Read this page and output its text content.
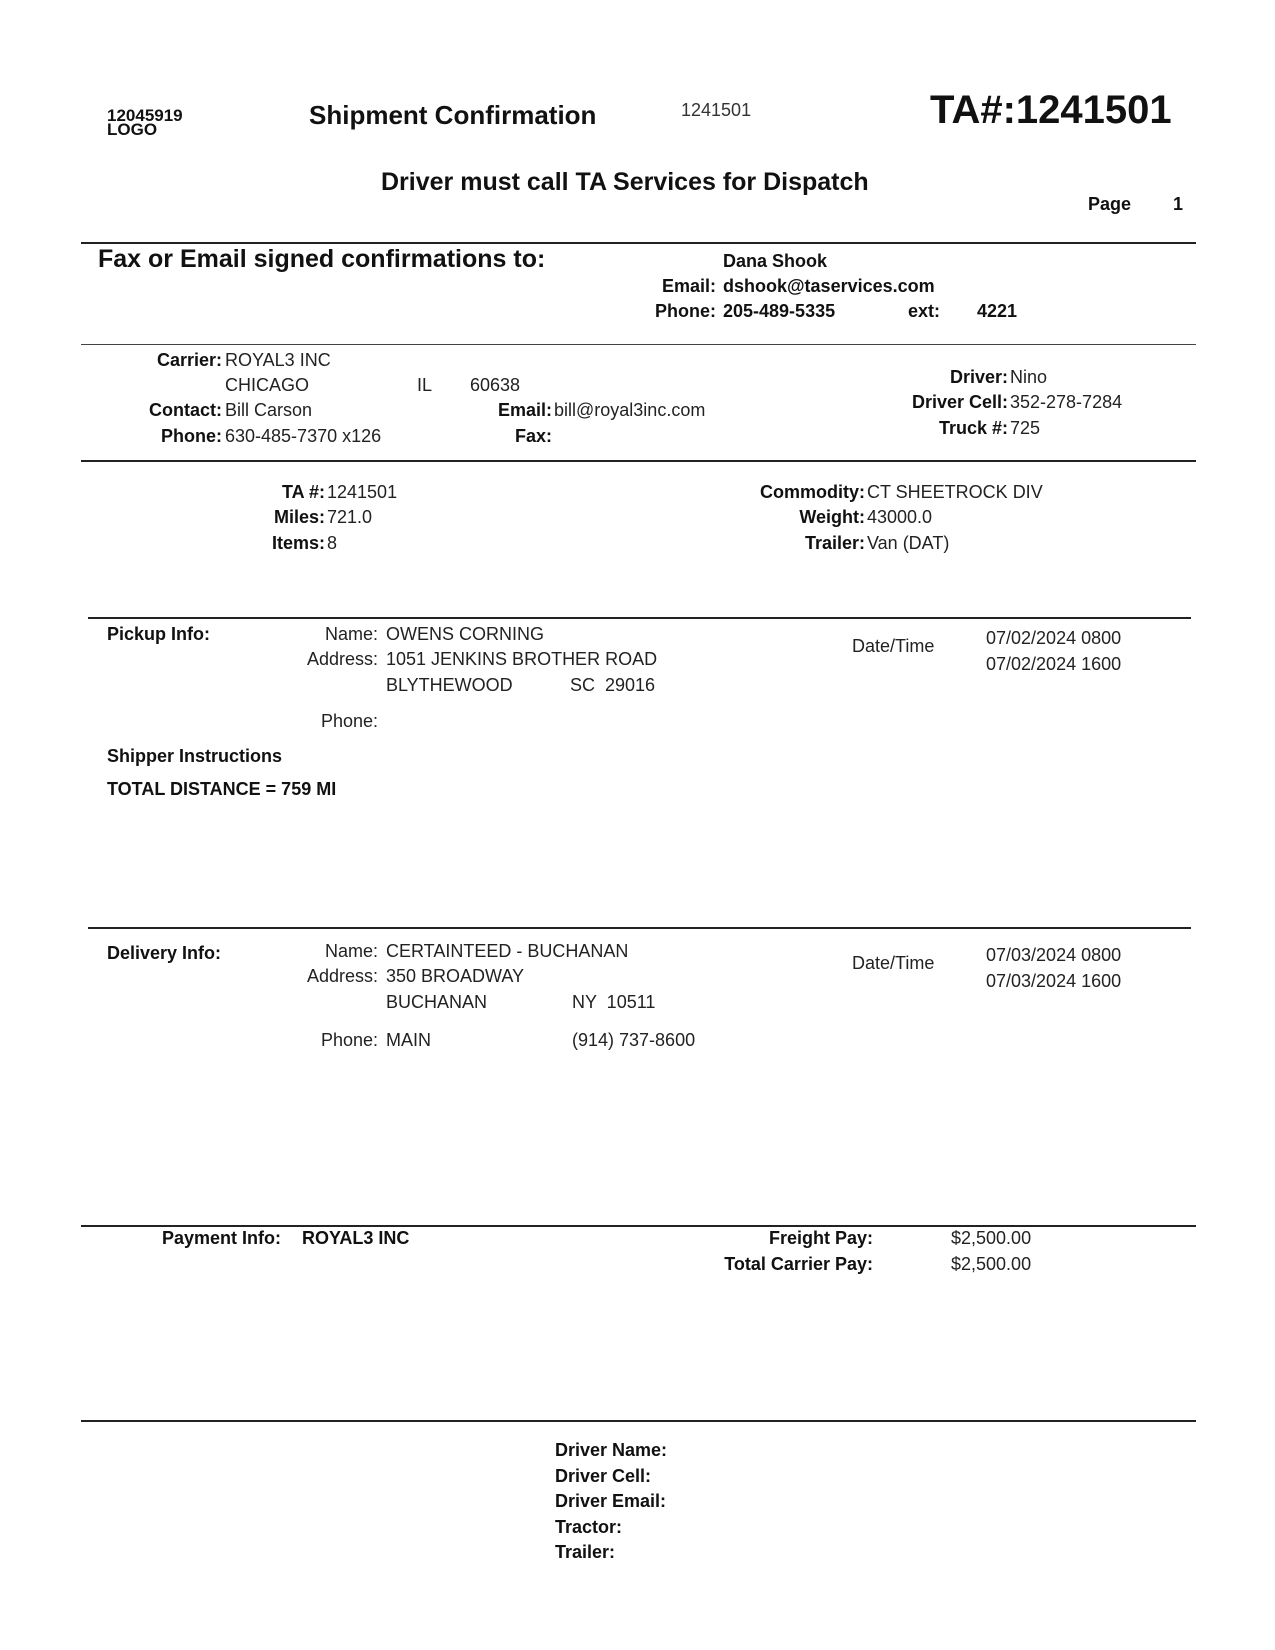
12045919
LOGO	Shipment Confirmation	1241501	TA#:1241501
Driver must call TA Services for Dispatch
Page 1
Fax or Email signed confirmations to:	Dana Shook
Email: dshook@taservices.com
Phone: 205-489-5335	ext: 4221
Carrier: ROYAL3 INC
CHICAGO	IL 60638
Contact: Bill Carson
Phone: 630-485-7370 x126
Email: bill@royal3inc.com
Fax:
Driver: Nino
Driver Cell: 352-278-7284
Truck #: 725
TA #: 1241501
Miles: 721.0
Items: 8
Commodity: CT SHEETROCK DIV
Weight: 43000.0
Trailer: Van (DAT)
Pickup Info:	Name: OWENS CORNING
Address: 1051 JENKINS BROTHER ROAD
BLYTHEWOOD	SC  29016
Phone:
Date/Time	07/02/2024 0800
07/02/2024 1600
Shipper Instructions
TOTAL DISTANCE = 759 MI
Delivery Info:	Name: CERTAINTEED - BUCHANAN
Address: 350 BROADWAY
BUCHANAN	NY  10511
Phone: MAIN	(914) 737-8600
Date/Time	07/03/2024 0800
07/03/2024 1600
Payment Info: ROYAL3 INC	Freight Pay:	$2,500.00
Total Carrier Pay:	$2,500.00
Driver Name:
Driver Cell:
Driver Email:
Tractor:
Trailer:
